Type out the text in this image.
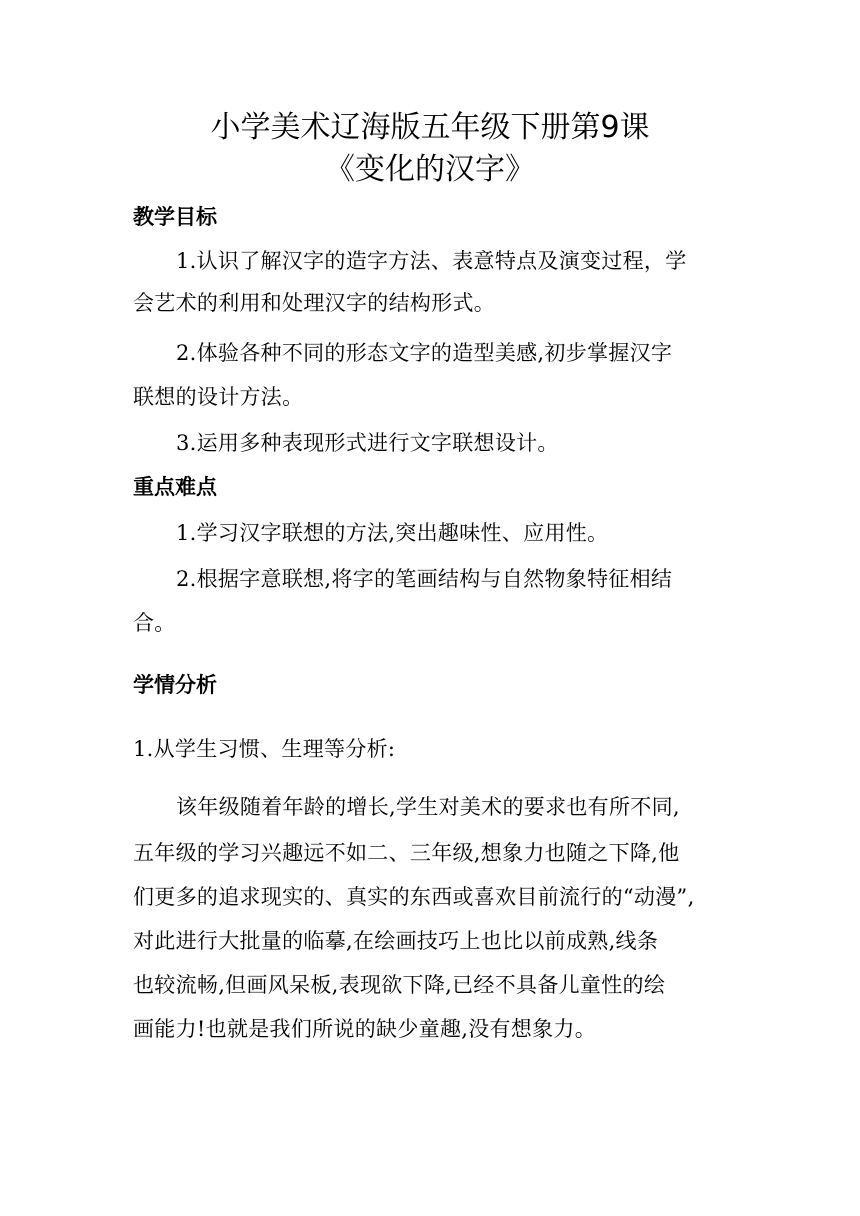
小学美术辽海版五年级下册第9课
《变化的汉字》
教学目标
1.认识了解汉字的造字方法、表意特点及演变过程，学
会艺术的利用和处理汉字的结构形式。
2.体验各种不同的形态文字的造型美感,初步掌握汉字
联想的设计方法。
3.运用多种表现形式进行文字联想设计。
重点难点
1.学习汉字联想的方法,突出趣味性、应用性。
2.根据字意联想,将字的笔画结构与自然物象特征相结
合。
学情分析
1.从学生习惯、生理等分析:
该年级随着年龄的增长,学生对美术的要求也有所不同,
五年级的学习兴趣远不如二、三年级,想象力也随之下降,他
们更多的追求现实的、真实的东西或喜欢目前流行的“动漫”,
对此进行大批量的临摹,在绘画技巧上也比以前成熟,线条
也较流畅,但画风呆板,表现欲下降,已经不具备儿童性的绘
画能力!也就是我们所说的缺少童趣,没有想象力。
